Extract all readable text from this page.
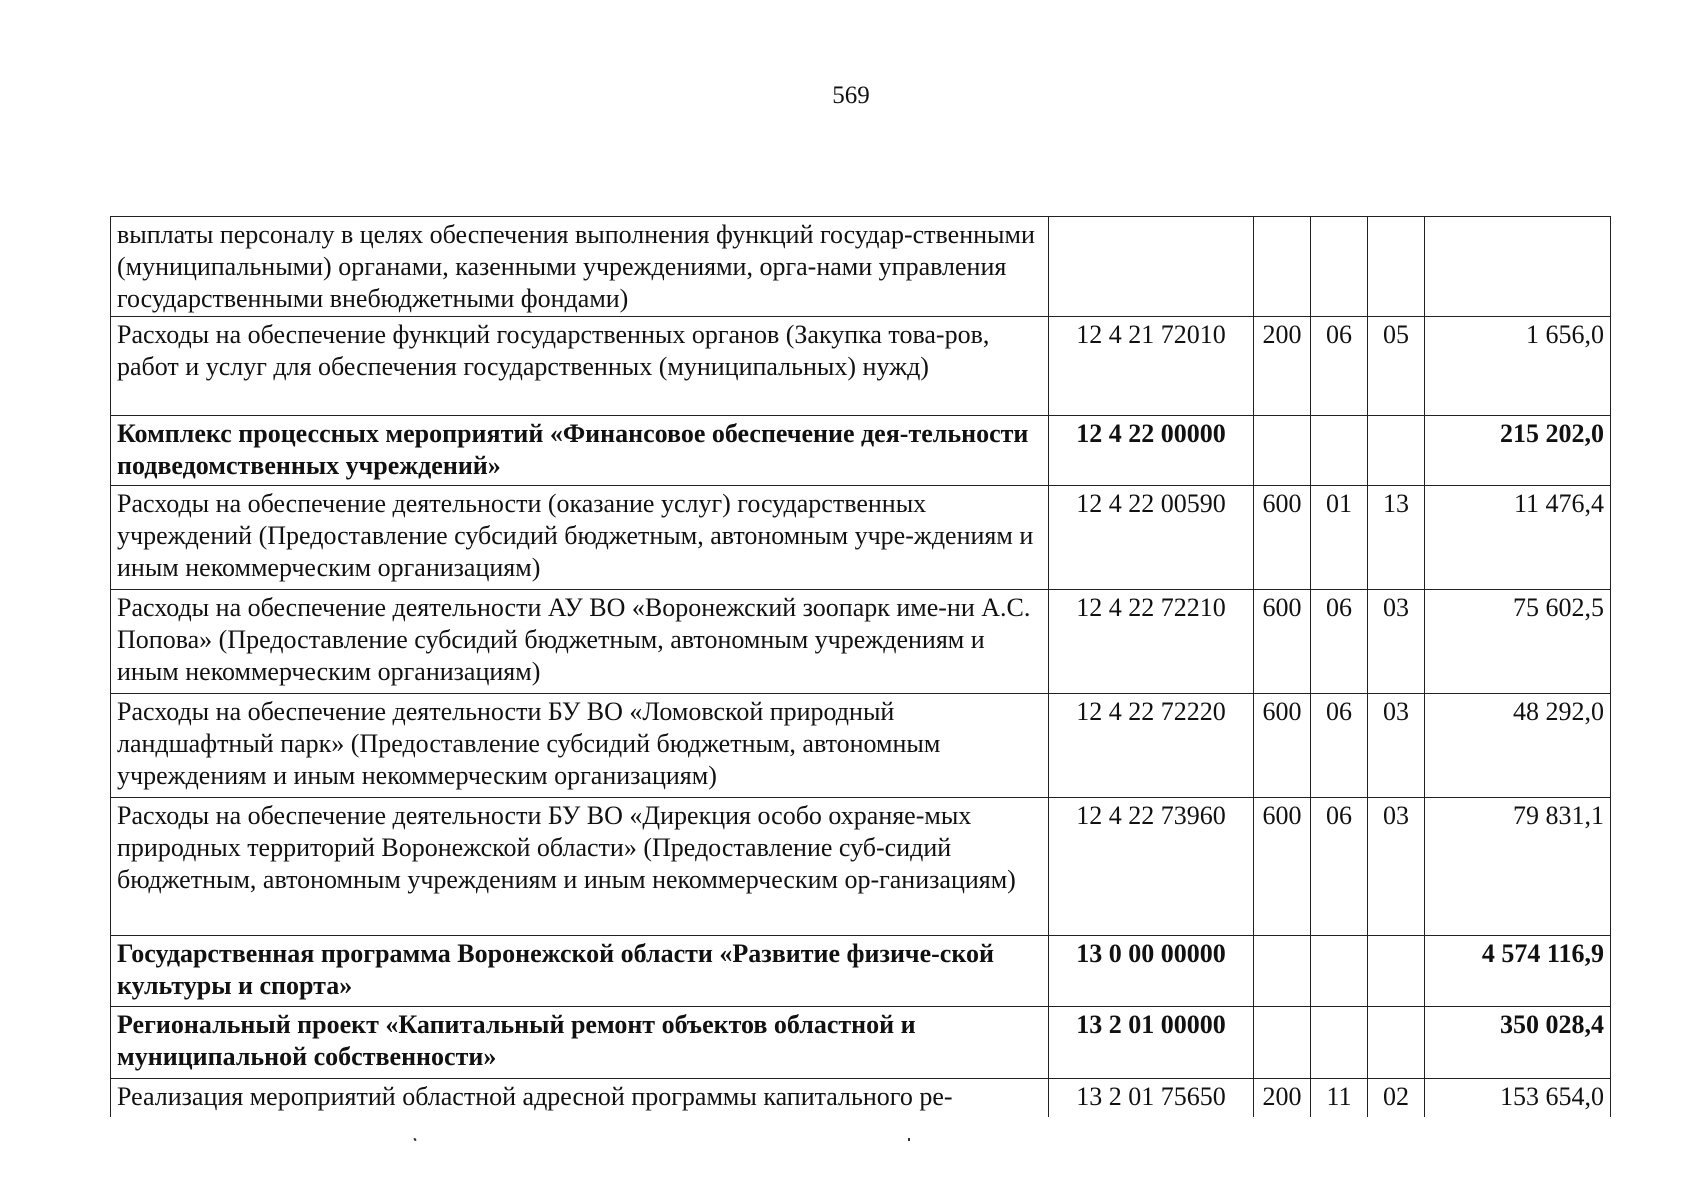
569
выплаты персоналу в целях обеспечения выполнения функций государ-ственными (муниципальными) органами, казенными учреждениями, орга-нами управления государственными внебюджетными фондами)					
Расходы на обеспечение функций государственных органов (Закупка това-ров, работ и услуг для обеспечения государственных (муниципальных) нужд)	12 4 21 72010	200	06	05	1 656,0
Комплекс процессных мероприятий «Финансовое обеспечение дея-тельности подведомственных учреждений»	12 4 22 00000				215 202,0
Расходы на обеспечение деятельности (оказание услуг) государственных учреждений (Предоставление субсидий бюджетным, автономным учре-ждениям и иным некоммерческим организациям)	12 4 22 00590	600	01	13	11 476,4
Расходы на обеспечение деятельности АУ ВО «Воронежский зоопарк име-ни А.С. Попова» (Предоставление субсидий бюджетным, автономным учреждениям и иным некоммерческим организациям)	12 4 22 72210	600	06	03	75 602,5
Расходы на обеспечение деятельности БУ ВО «Ломовской природный ландшафтный парк» (Предоставление субсидий бюджетным, автономным учреждениям и иным некоммерческим организациям)	12 4 22 72220	600	06	03	48 292,0
Расходы на обеспечение деятельности БУ ВО «Дирекция особо охраняе-мых природных территорий Воронежской области» (Предоставление суб-сидий бюджетным, автономным учреждениям и иным некоммерческим ор-ганизациям)	12 4 22 73960	600	06	03	79 831,1
Государственная программа Воронежской области «Развитие физиче-ской культуры и спорта»	13 0 00 00000				4 574 116,9
Региональный проект «Капитальный ремонт объектов областной и муниципальной собственности»	13 2 01 00000				350 028,4
Реализация мероприятий областной адресной программы капитального ре-	13 2 01 75650	200	11	02	153 654,0
